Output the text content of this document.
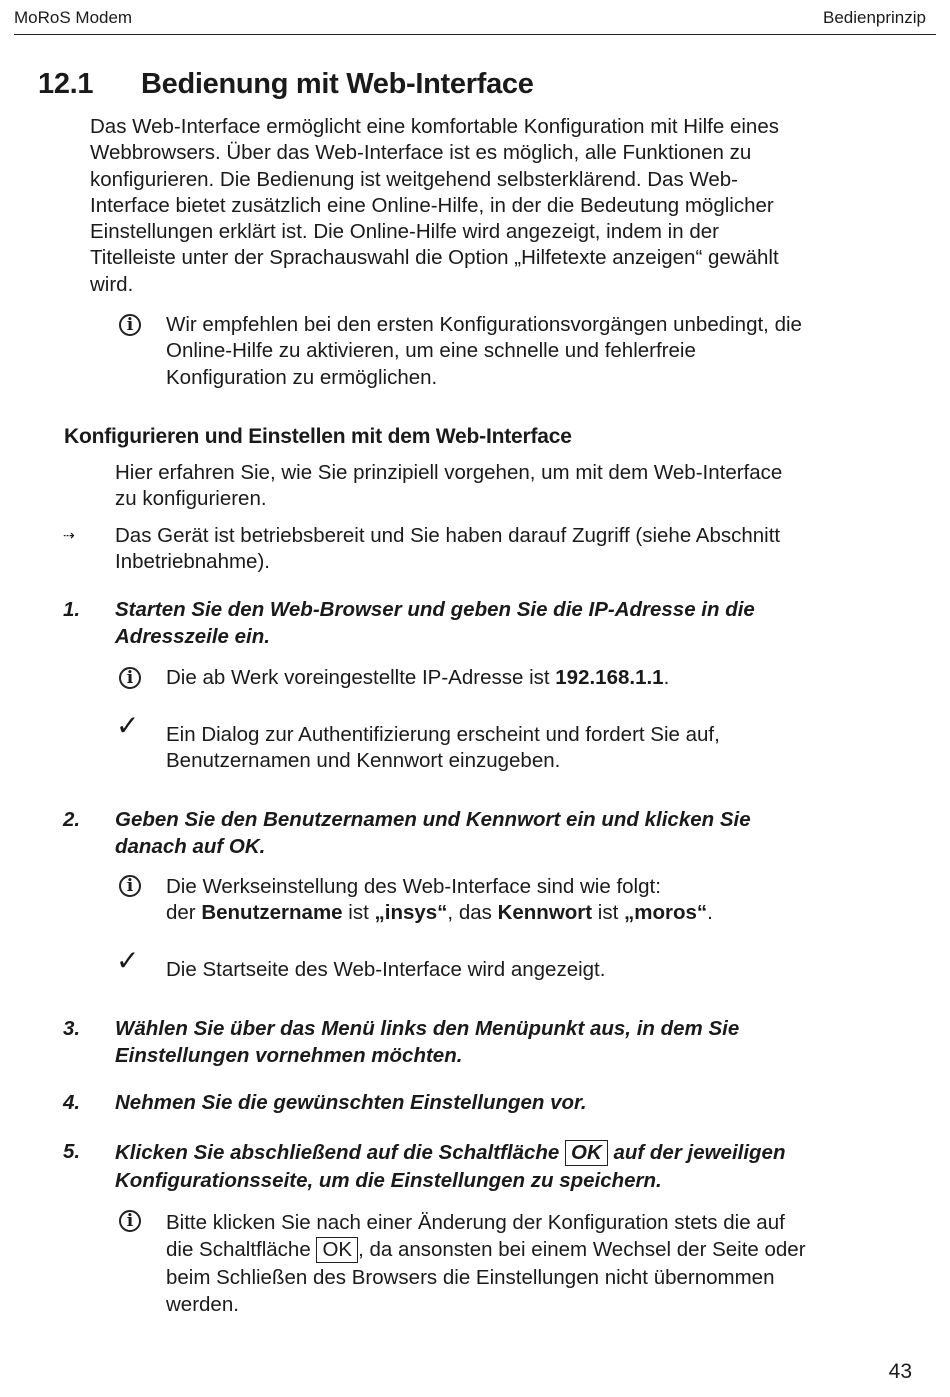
MoRoS Modem	Bedienprinzip
12.1 Bedienung mit Web-Interface
Das Web-Interface ermöglicht eine komfortable Konfiguration mit Hilfe eines
Webbrowsers. Über das Web-Interface ist es möglich, alle Funktionen zu
konfigurieren. Die Bedienung ist weitgehend selbsterklärend. Das Web-
Interface bietet zusätzlich eine Online-Hilfe, in der die Bedeutung möglicher
Einstellungen erklärt ist. Die Online-Hilfe wird angezeigt, indem in der
Titelleiste unter der Sprachauswahl die Option „Hilfetexte anzeigen“ gewählt
wird.
i	Wir empfehlen bei den ersten Konfigurationsvorgängen unbedingt, die
Online-Hilfe zu aktivieren, um eine schnelle und fehlerfreie
Konfiguration zu ermöglichen.
Konfigurieren und Einstellen mit dem Web-Interface
Hier erfahren Sie, wie Sie prinzipiell vorgehen, um mit dem Web-Interface
zu konfigurieren.
⇢ Das Gerät ist betriebsbereit und Sie haben darauf Zugriff (siehe Abschnitt
Inbetriebnahme).
1. Starten Sie den Web-Browser und geben Sie die IP-Adresse in die
Adresszeile ein.
i	Die ab Werk voreingestellte IP-Adresse ist 192.168.1.1.
✓ Ein Dialog zur Authentifizierung erscheint und fordert Sie auf,
Benutzernamen und Kennwort einzugeben.
2. Geben Sie den Benutzernamen und Kennwort ein und klicken Sie
danach auf OK.
i	Die Werkseinstellung des Web-Interface sind wie folgt:
der Benutzername ist „insys“, das Kennwort ist „moros“.
✓ Die Startseite des Web-Interface wird angezeigt.
3. Wählen Sie über das Menü links den Menüpunkt aus, in dem Sie
Einstellungen vornehmen möchten.
4. Nehmen Sie die gewünschten Einstellungen vor.
5. Klicken Sie abschließend auf die Schaltfläche OK auf der jeweiligen
Konfigurationsseite, um die Einstellungen zu speichern.
i	Bitte klicken Sie nach einer Änderung der Konfiguration stets die auf
die Schaltfläche OK , da ansonsten bei einem Wechsel der Seite oder
beim Schließen des Browsers die Einstellungen nicht übernommen
werden.
43
